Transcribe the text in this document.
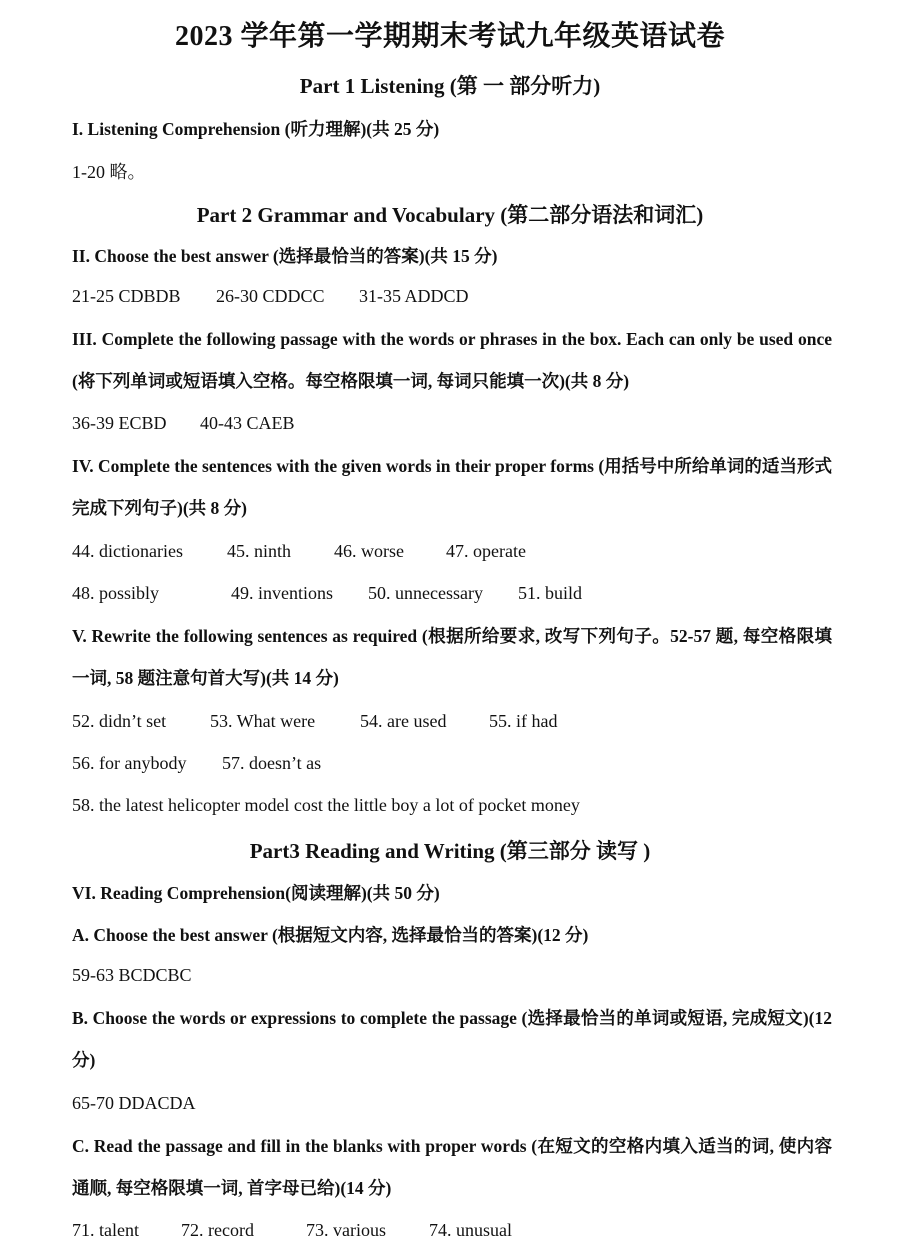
2023 学年第一学期期末考试九年级英语试卷
Part 1 Listening (第 一 部分听力)
I. Listening Comprehension (听力理解)(共 25 分)
1-20 略。
Part 2 Grammar and Vocabulary (第二部分语法和词汇)
II. Choose the best answer (选择最恰当的答案)(共 15 分)
21-25 CDBDB 26-30 CDDCC 31-35 ADDCD
III. Complete the following passage with the words or phrases in the box. Each can only be used once (将下列单词或短语填入空格。每空格限填一词, 每词只能填一次)(共 8 分)
36-39 ECBD 40-43 CAEB
IV. Complete the sentences with the given words in their proper forms (用括号中所给单词的适当形式完成下列句子)(共 8 分)
44. dictionaries 45. ninth 46. worse 47. operate
48. possibly	49. inventions 50. unnecessary 51. build
V. Rewrite the following sentences as required (根据所给要求, 改写下列句子。52-57 题, 每空格限填一词, 58 题注意句首大写)(共 14 分)
52. didn’t set 53. What were 54. are used 55. if had
56. for anybody 57. doesn’t as
58. the latest helicopter model cost the little boy a lot of pocket money
Part3 Reading and Writing (第三部分 读写 )
VI. Reading Comprehension(阅读理解)(共 50 分)
A. Choose the best answer (根据短文内容, 选择最恰当的答案)(12 分)
59-63 BCDCBC
B. Choose the words or expressions to complete the passage (选择最恰当的单词或短语, 完成短文)(12 分)
65-70 DDACDA
C. Read the passage and fill in the blanks with proper words (在短文的空格内填入适当的词, 使内容通顺, 每空格限填一词, 首字母已给)(14 分)
71. talent 72. record	73. various 74. unusual
